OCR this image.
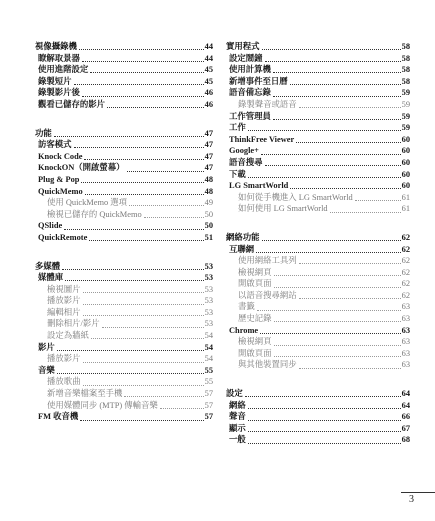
視像攝錄機	44
瞭解取景器	44
使用進階設定	45
錄製短片	45
錄製影片後	46
觀看已儲存的影片	46
功能	47
訪客模式	47
Knock Code	47
KnockON（開啟螢幕）	47
Plug & Pop	48
QuickMemo	48
使用 QuickMemo 選項	49
檢視已儲存的 QuickMemo	50
QSlide	50
QuickRemote	51
多媒體	53
媒體庫	53
檢視圖片	53
播放影片	53
編輯相片	53
刪除相片/影片	53
設定為牆紙	54
影片	54
播放影片	54
音樂	55
播放歌曲	55
新增音樂檔案至手機	57
使用媒體同步 (MTP) 傳輸音樂	57
FM 收音機	57
實用程式	58
設定鬧鐘	58
使用計算機	58
新增事件至日曆	58
語音備忘錄	59
錄製聲音或語音	59
工作管理員	59
工作	59
ThinkFree Viewer	60
Google+	60
語音搜尋	60
下載	60
LG SmartWorld	60
如何從手機進入 LG SmartWorld	61
如何使用 LG SmartWorld	61
網絡功能	62
互聯網	62
使用網絡工具列	62
檢視網頁	62
開啟頁面	62
以語音搜尋網站	62
書籤	63
歷史記錄	63
Chrome	63
檢視網頁	63
開啟頁面	63
與其他裝置同步	63
設定	64
網絡	64
聲音	66
顯示	67
一般	68
3
